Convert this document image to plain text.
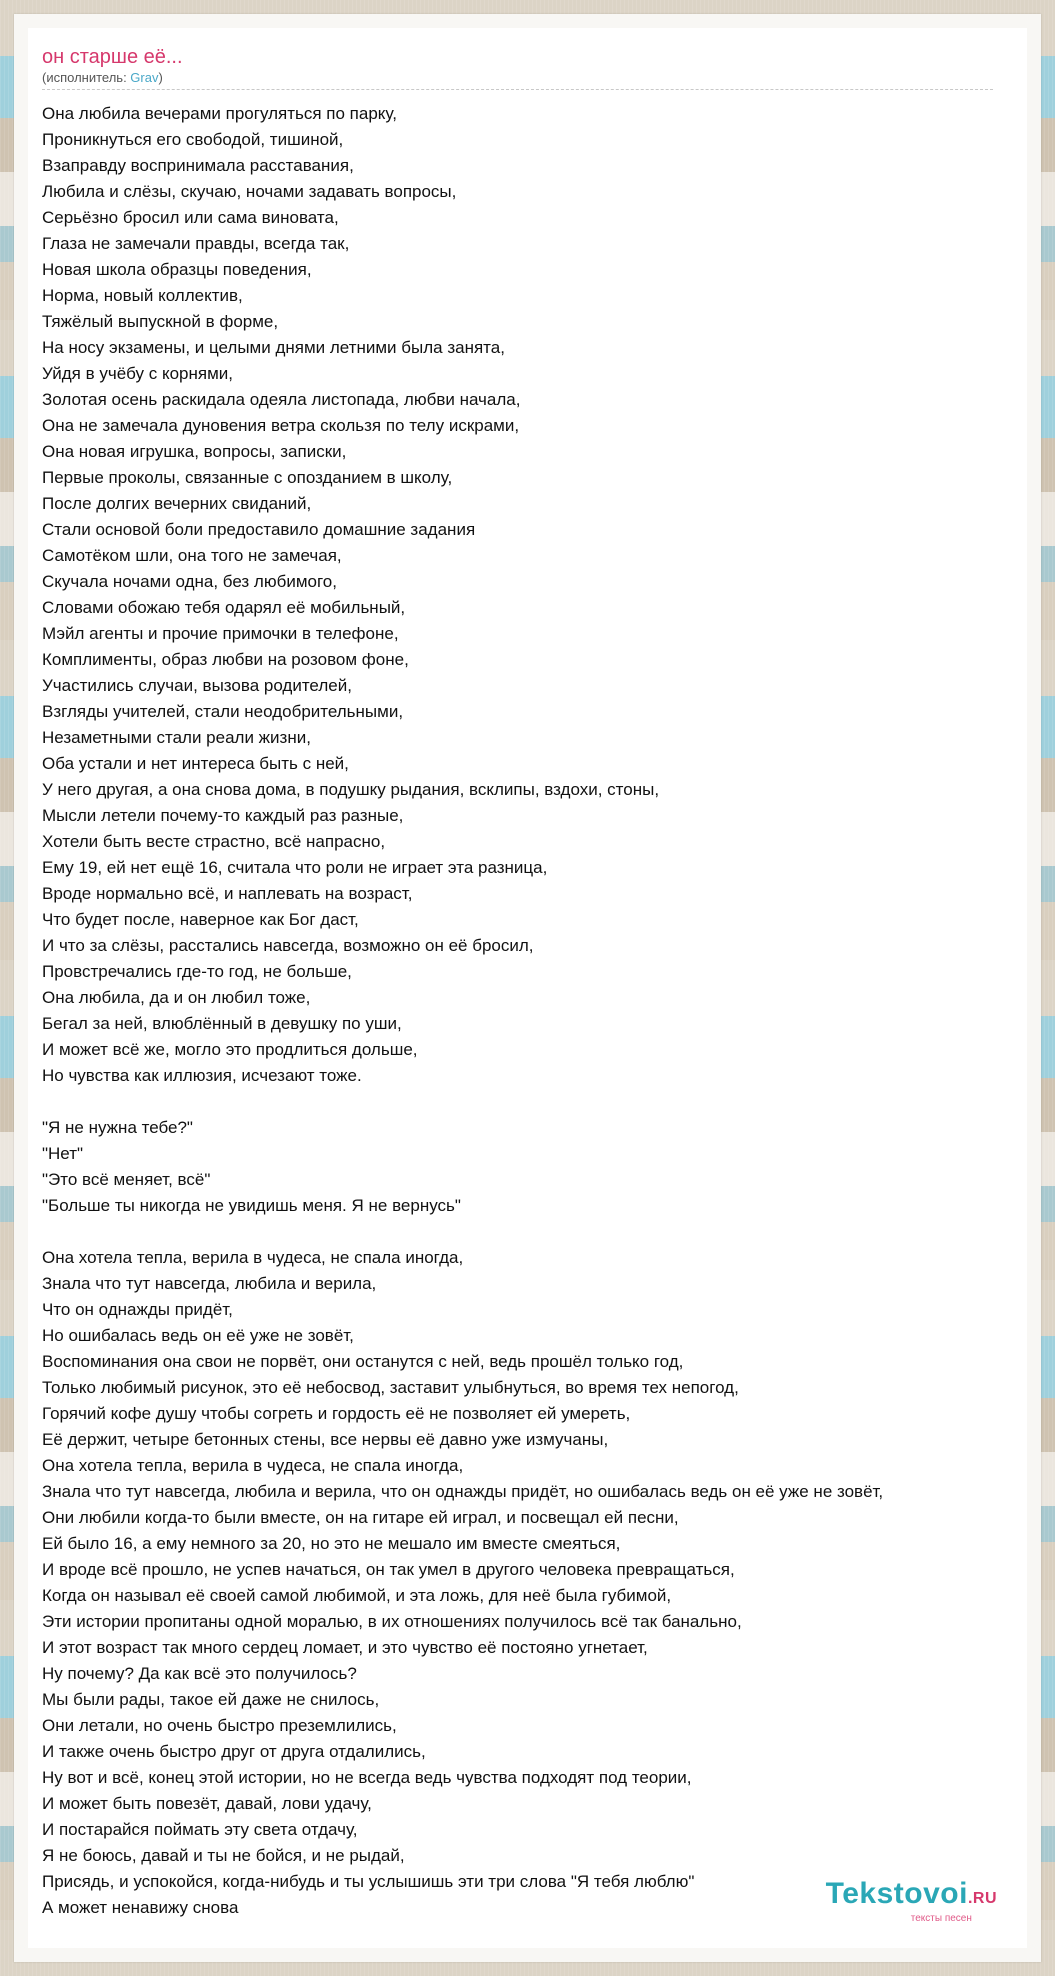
он старше её...
(исполнитель: Grav)
Она любила вечерами прогуляться по парку,
Проникнуться его свободой, тишиной,
Взаправду воспринимала расставания,
Любила и слёзы, скучаю, ночами задавать вопросы,
Серьёзно бросил или сама виновата,
Глаза не замечали правды, всегда так,
Новая школа образцы поведения,
Норма, новый коллектив,
Тяжёлый выпускной в форме,
На носу экзамены, и целыми днями летними была занята,
Уйдя в учёбу с корнями,
Золотая осень раскидала одеяла листопада, любви начала,
Она не замечала дуновения ветра скользя по телу искрами,
Она новая игрушка, вопросы, записки,
Первые проколы, связанные с опозданием в школу,
После долгих вечерних свиданий,
Стали основой боли предоставило домашние задания
Самотёком шли, она того не замечая,
Скучала ночами одна, без любимого,
Словами обожаю тебя одарял её мобильный,
Мэйл агенты и прочие примочки в телефоне,
Комплименты, образ любви на розовом фоне,
Участились случаи, вызова родителей,
Взгляды учителей, стали неодобрительными,
Незаметными стали реали жизни,
Оба устали и нет интереса быть с ней,
У него другая, а она снова дома, в подушку рыдания, всклипы, вздохи, стоны,
Мысли летели почему-то каждый раз разные,
Хотели быть весте страстно, всё напрасно,
Ему 19, ей нет ещё 16, считала что роли не играет эта разница,
Вроде нормально всё, и наплевать на возраст,
Что будет после, наверное как Бог даст,
И что за слёзы, расстались навсегда, возможно он её бросил,
Провстречались где-то год, не больше,
Она любила, да и он любил тоже,
Бегал за ней, влюблённый в девушку по уши,
И может всё же, могло это продлиться дольше,
Но чувства как иллюзия, исчезают тоже.
"Я не нужна тебе?"
"Нет"
"Это всё меняет, всё"
"Больше ты никогда не увидишь меня. Я не вернусь"
Она хотела тепла, верила в чудеса, не спала иногда,
Знала что тут навсегда, любила и верила,
Что он однажды придёт,
Но ошибалась ведь он её уже не зовёт,
Воспоминания она свои не порвёт, они останутся с ней, ведь прошёл только год,
Только любимый рисунок, это её небосвод, заставит улыбнуться, во время тех непогод,
Горячий кофе душу чтобы согреть и гордость её не позволяет ей умереть,
Её держит, четыре бетонных стены, все нервы её давно уже измучаны,
Она хотела тепла, верила в чудеса, не спала иногда,
Знала что тут навсегда, любила и верила, что он однажды придёт, но ошибалась ведь он её уже не зовёт,
Они любили когда-то были вместе, он на гитаре ей играл, и посвещал ей песни,
Ей было 16, а ему немного за 20, но это не мешало им вместе смеяться,
И вроде всё прошло, не успев начаться, он так умел в другого человека превращаться,
Когда он называл её своей самой любимой, и эта ложь, для неё была губимой,
Эти истории пропитаны одной моралью, в их отношениях получилось всё так банально,
И этот возраст так много сердец ломает, и это чувство её постояно угнетает,
Ну почему? Да как всё это получилось?
Мы были рады, такое ей даже не снилось,
Они летали, но очень быстро преземлились,
И также очень быстро друг от друга отдалились,
Ну вот и всё, конец этой истории, но не всегда ведь чувства подходят под теории,
И может быть повезёт, давай, лови удачу,
И постарайся поймать эту света отдачу,
Я не боюсь, давай и ты не бойся, и не рыдай,
Присядь, и успокойся, когда-нибудь и ты услышишь эти три слова "Я тебя люблю"
А может ненавижу снова	Tekstovoi.RU
тексты песен
